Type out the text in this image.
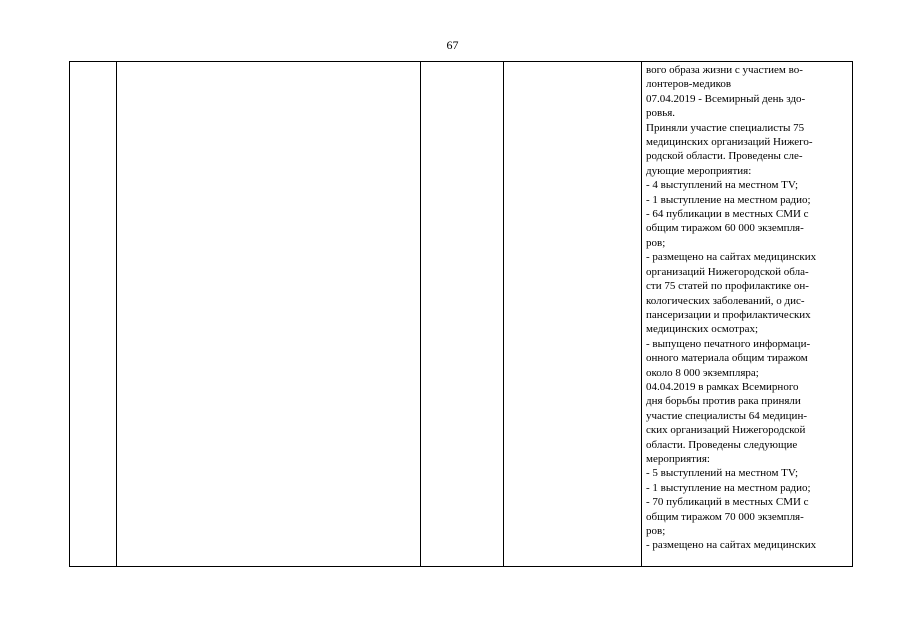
67

вого образа жизни с участием во-
лонтеров-медиков
07.04.2019 - Всемирный день здо-
ровья.
Приняли участие специалисты 75
медицинских организаций Нижего-
родской области. Проведены сле-
дующие мероприятия:
- 4 выступлений на местном TV;
- 1 выступление на местном радио;
- 64 публикации в местных СМИ с
общим тиражом 60 000 экземпля-
ров;
- размещено на сайтах медицинских
организаций Нижегородской обла-
сти 75 статей по профилактике он-
кологических заболеваний, о дис-
пансеризации и профилактических
медицинских осмотрах;
- выпущено печатного информаци-
онного материала общим тиражом
около 8 000 экземпляра;
04.04.2019 в рамках Всемирного
дня борьбы против рака приняли
участие специалисты 64 медицин-
ских организаций Нижегородской
области. Проведены следующие
мероприятия:
- 5 выступлений на местном TV;
- 1 выступление на местном радио;
- 70 публикаций в местных СМИ с
общим тиражом 70 000 экземпля-
ров;
- размещено на сайтах медицинских
